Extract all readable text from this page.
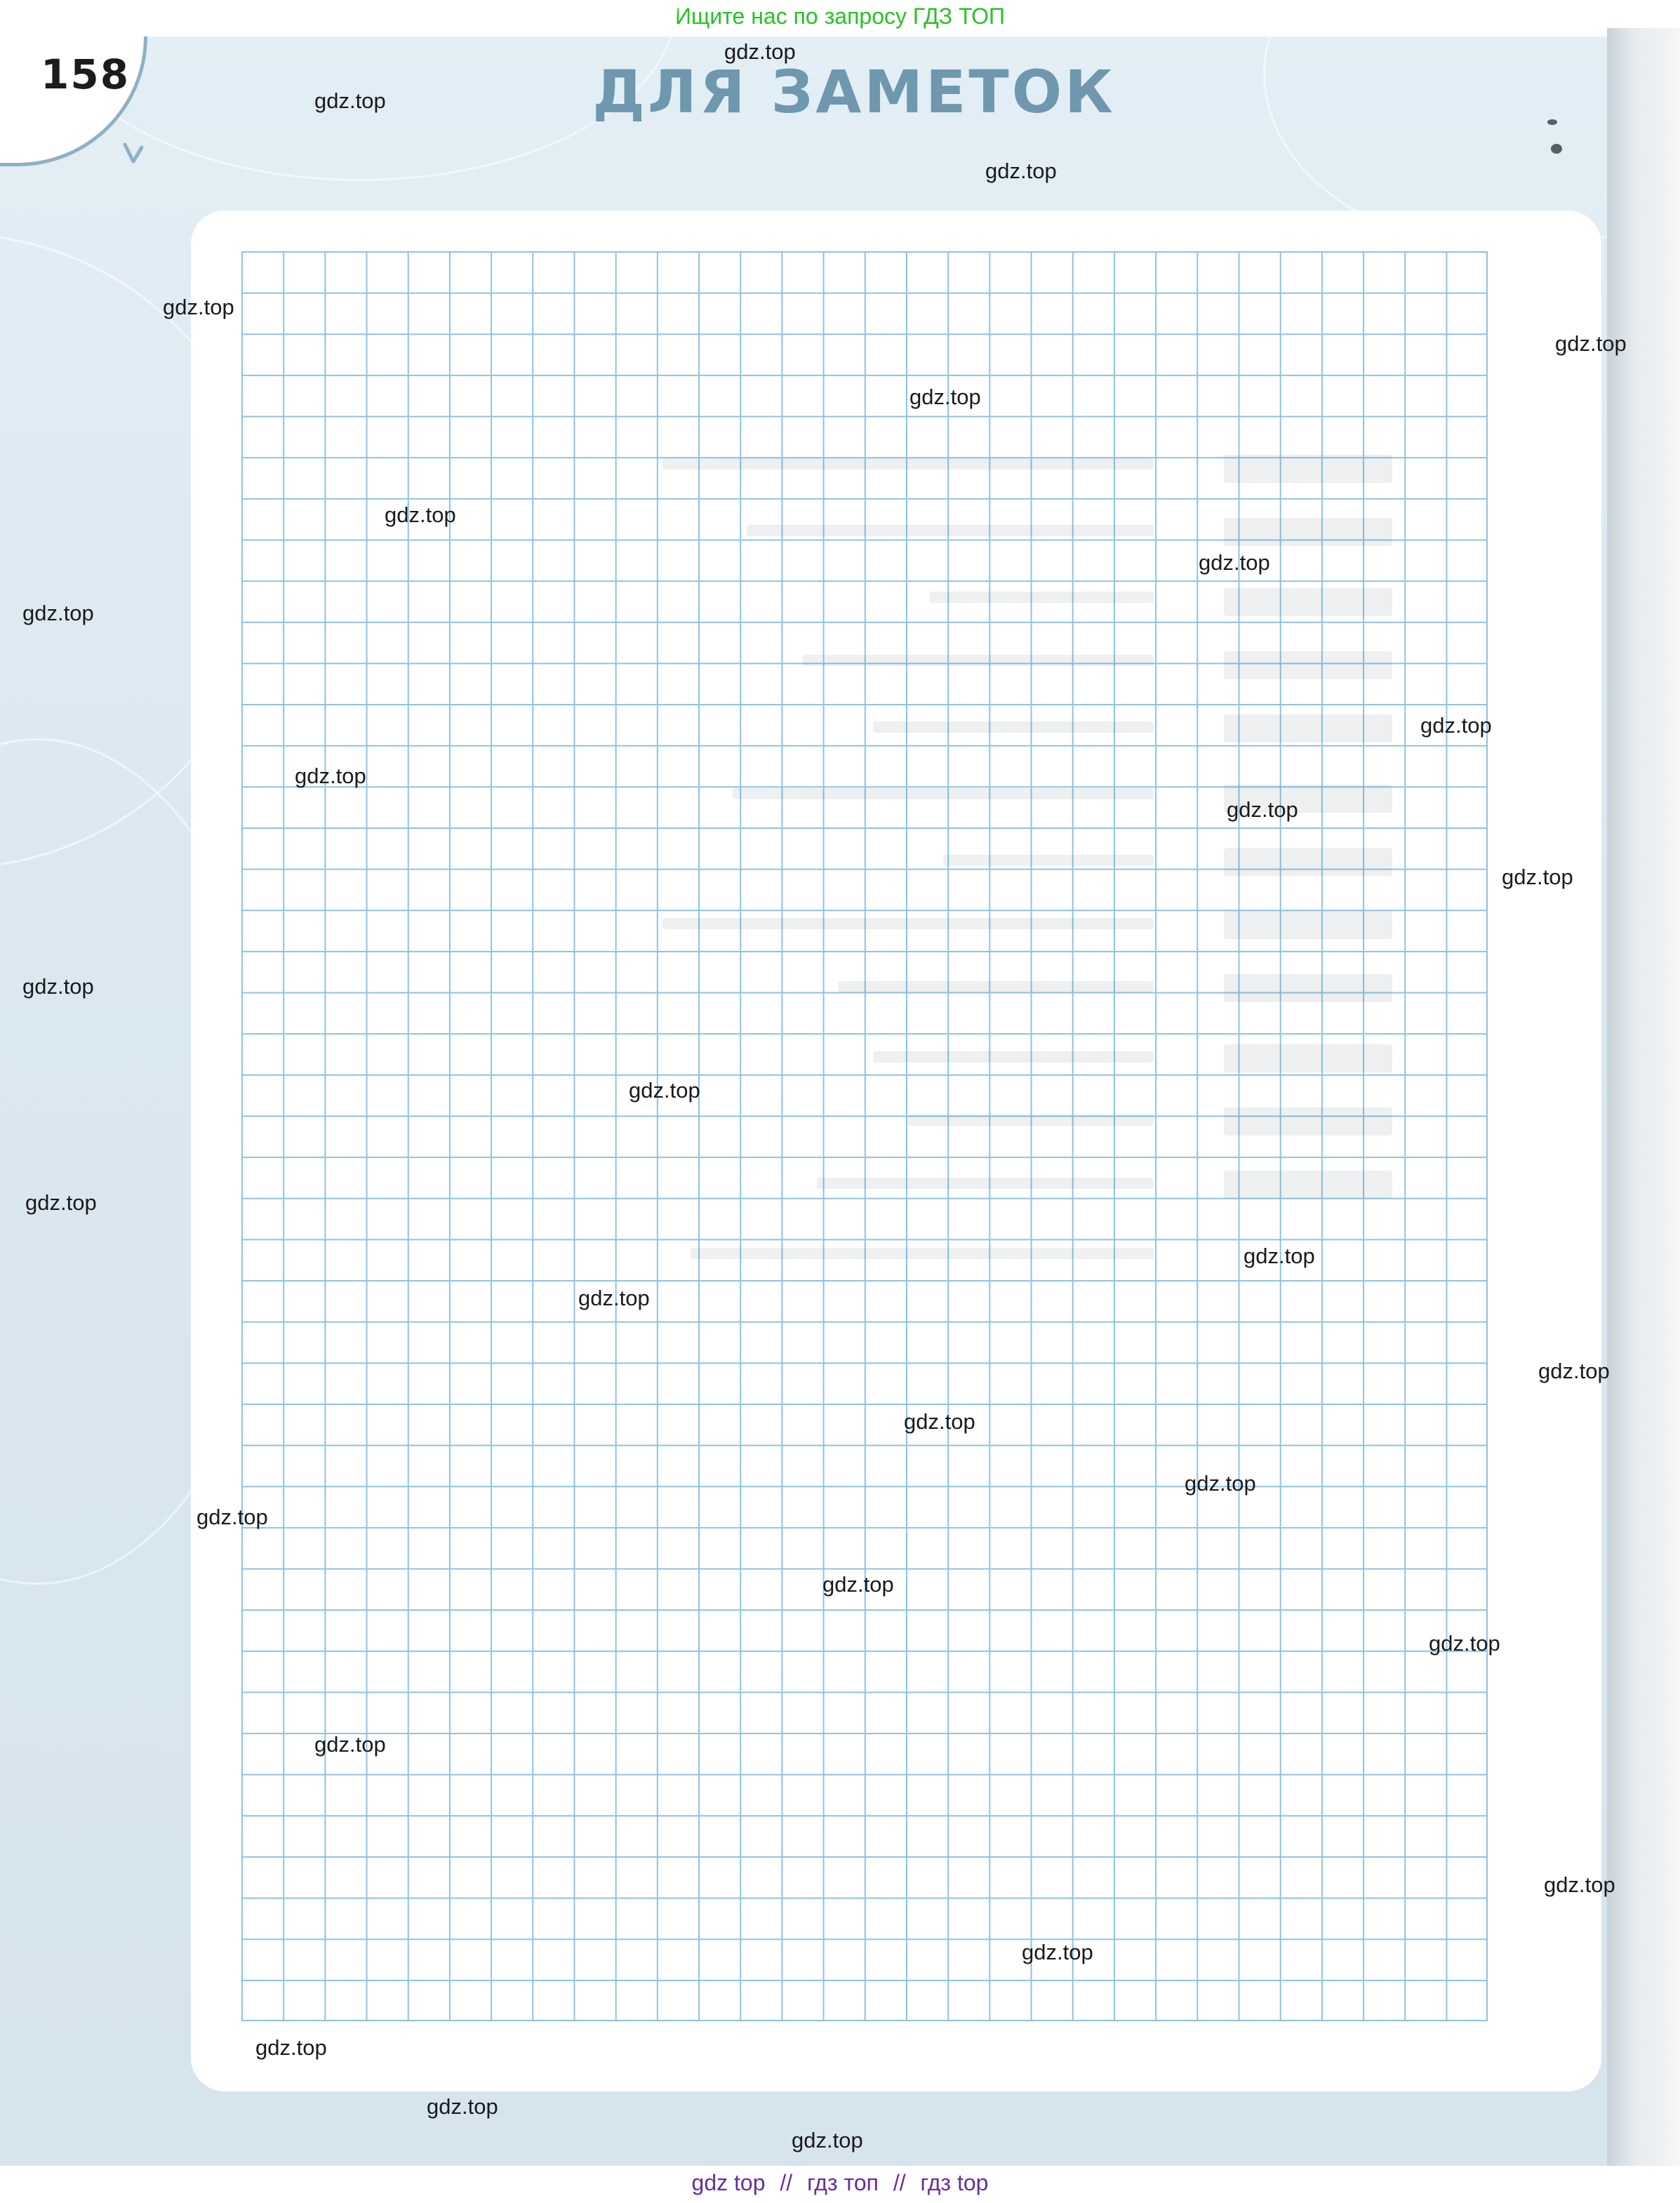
Ищите нас по запросу ГДЗ ТОП
158	ДЛЯ ЗАМЕТОК
gdz.top
gdz.top
gdz.top
gdz.top
gdz.top
gdz.top
gdz.top
gdz.top
gdz.top
gdz.top
gdz.top
gdz.top
gdz.top
gdz.top
gdz.top
gdz.top
gdz.top
gdz.top
gdz.top
gdz.top
gdz.top
gdz.top
gdz.top
gdz.top
gdz.top
gdz.top
gdz.top
gdz.top
gdz.top
gdz.top
gdz top // гдз топ // гдз top
